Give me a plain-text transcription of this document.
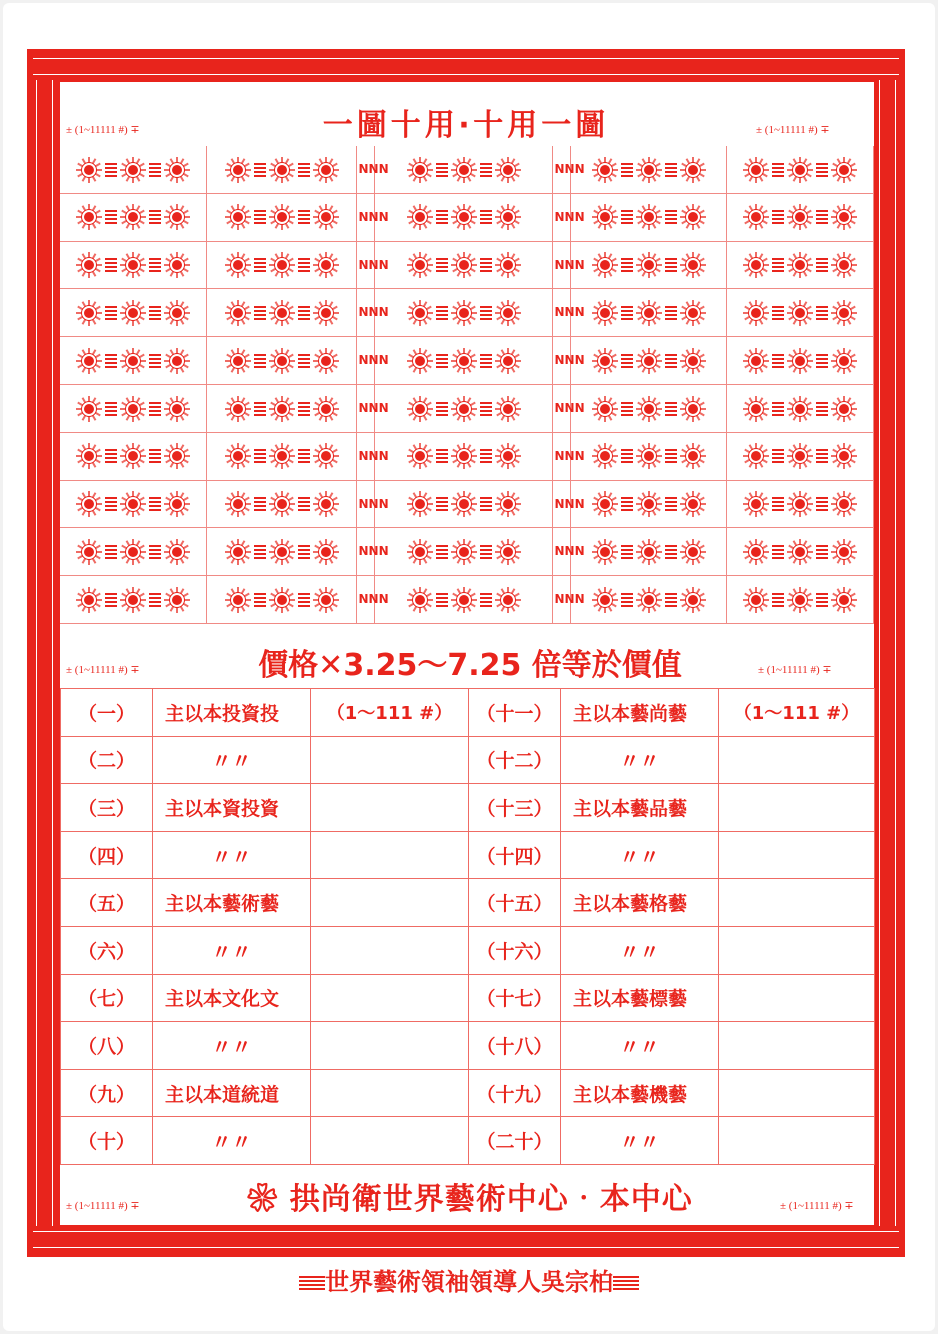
± (1~11111 #) ∓	一圖十用‧十用一圖	± (1~11111 #) ∓
NNN	NNN
NNN	NNN
NNN	NNN
NNN	NNN
NNN	NNN
NNN	NNN
NNN	NNN
NNN	NNN
NNN	NNN
NNN	NNN
± (1~11111 #) ∓	價格✕3.25～7.25 倍等於價值	± (1~11111 #) ∓
（一）	主以本投資投	（1～111 #）	（十一）	主以本藝尚藝	（1～111 #）
（二）	〃〃		（十二）	〃〃	
（三）	主以本資投資		（十三）	主以本藝品藝	
（四）	〃〃		（十四）	〃〃	
（五）	主以本藝術藝		（十五）	主以本藝格藝	
（六）	〃〃		（十六）	〃〃	
（七）	主以本文化文		（十七）	主以本藝標藝	
（八）	〃〃		（十八）	〃〃	
（九）	主以本道統道		（十九）	主以本藝機藝	
（十）	〃〃		（二十）	〃〃	
± (1~11111 #) ∓	❀ 拱尚衛世界藝術中心‧本中心	± (1~11111 #) ∓
世界藝術領袖領導人吳宗柏
